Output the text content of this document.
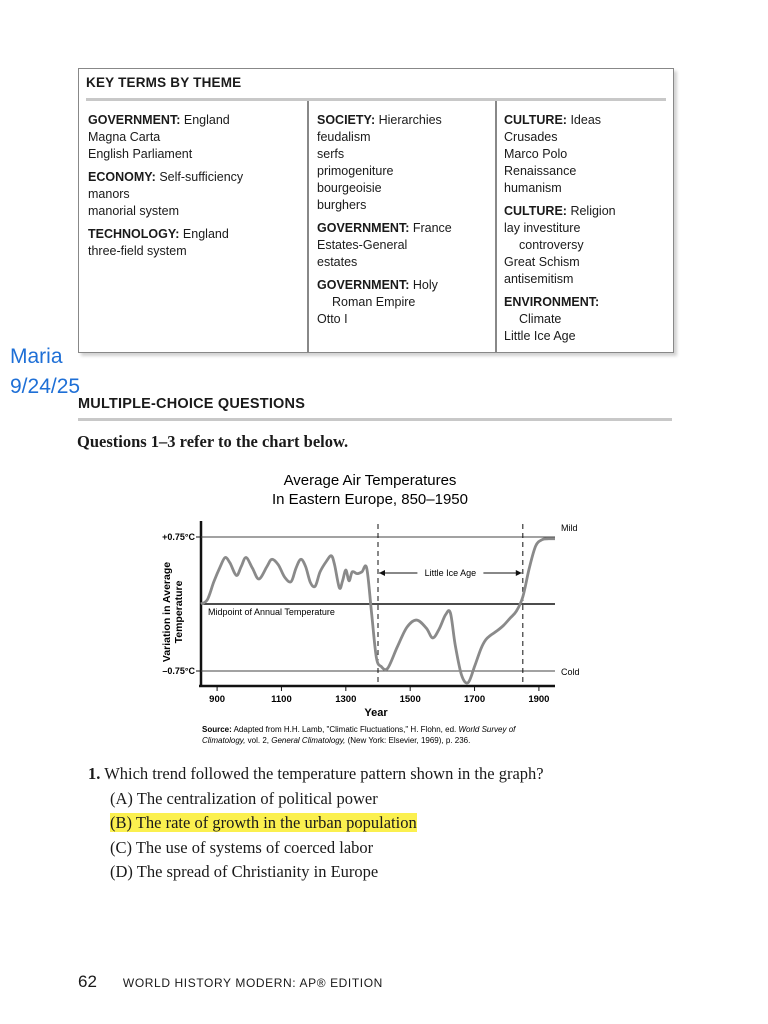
KEY TERMS BY THEME
GOVERNMENT: England
Magna Carta
English Parliament
ECONOMY: Self-sufficiency
manors
manorial system
TECHNOLOGY: England
three-field system
SOCIETY: Hierarchies
feudalism
serfs
primogeniture
bourgeoisie
burghers
GOVERNMENT: France
Estates-General
estates
GOVERNMENT: Holy
Roman Empire
Otto I
CULTURE: Ideas
Crusades
Marco Polo
Renaissance
humanism
CULTURE: Religion
lay investiture
controversy
Great Schism
antisemitism
ENVIRONMENT:
Climate
Little Ice Age
Maria
9/24/25
MULTIPLE-CHOICE QUESTIONS
Questions 1–3 refer to the chart below.
Average Air Temperatures
In Eastern Europe, 850–1950
Variation in Average Temperature
Year
Source: Adapted from H.H. Lamb, "Climatic Fluctuations," H. Flohn, ed. World Survey of
Climatology, vol. 2, General Climatology, (New York: Elsevier, 1969), p. 236.
+0.75°C
–0.75°C
900	1100	1300	1500	1700	1900
Mild
Cold
Midpoint of Annual Temperature
Little Ice Age
1. Which trend followed the temperature pattern shown in the graph?
(A) The centralization of political power
(B) The rate of growth in the urban population
(C) The use of systems of coerced labor
(D) The spread of Christianity in Europe
62 WORLD HISTORY MODERN: AP® EDITION
